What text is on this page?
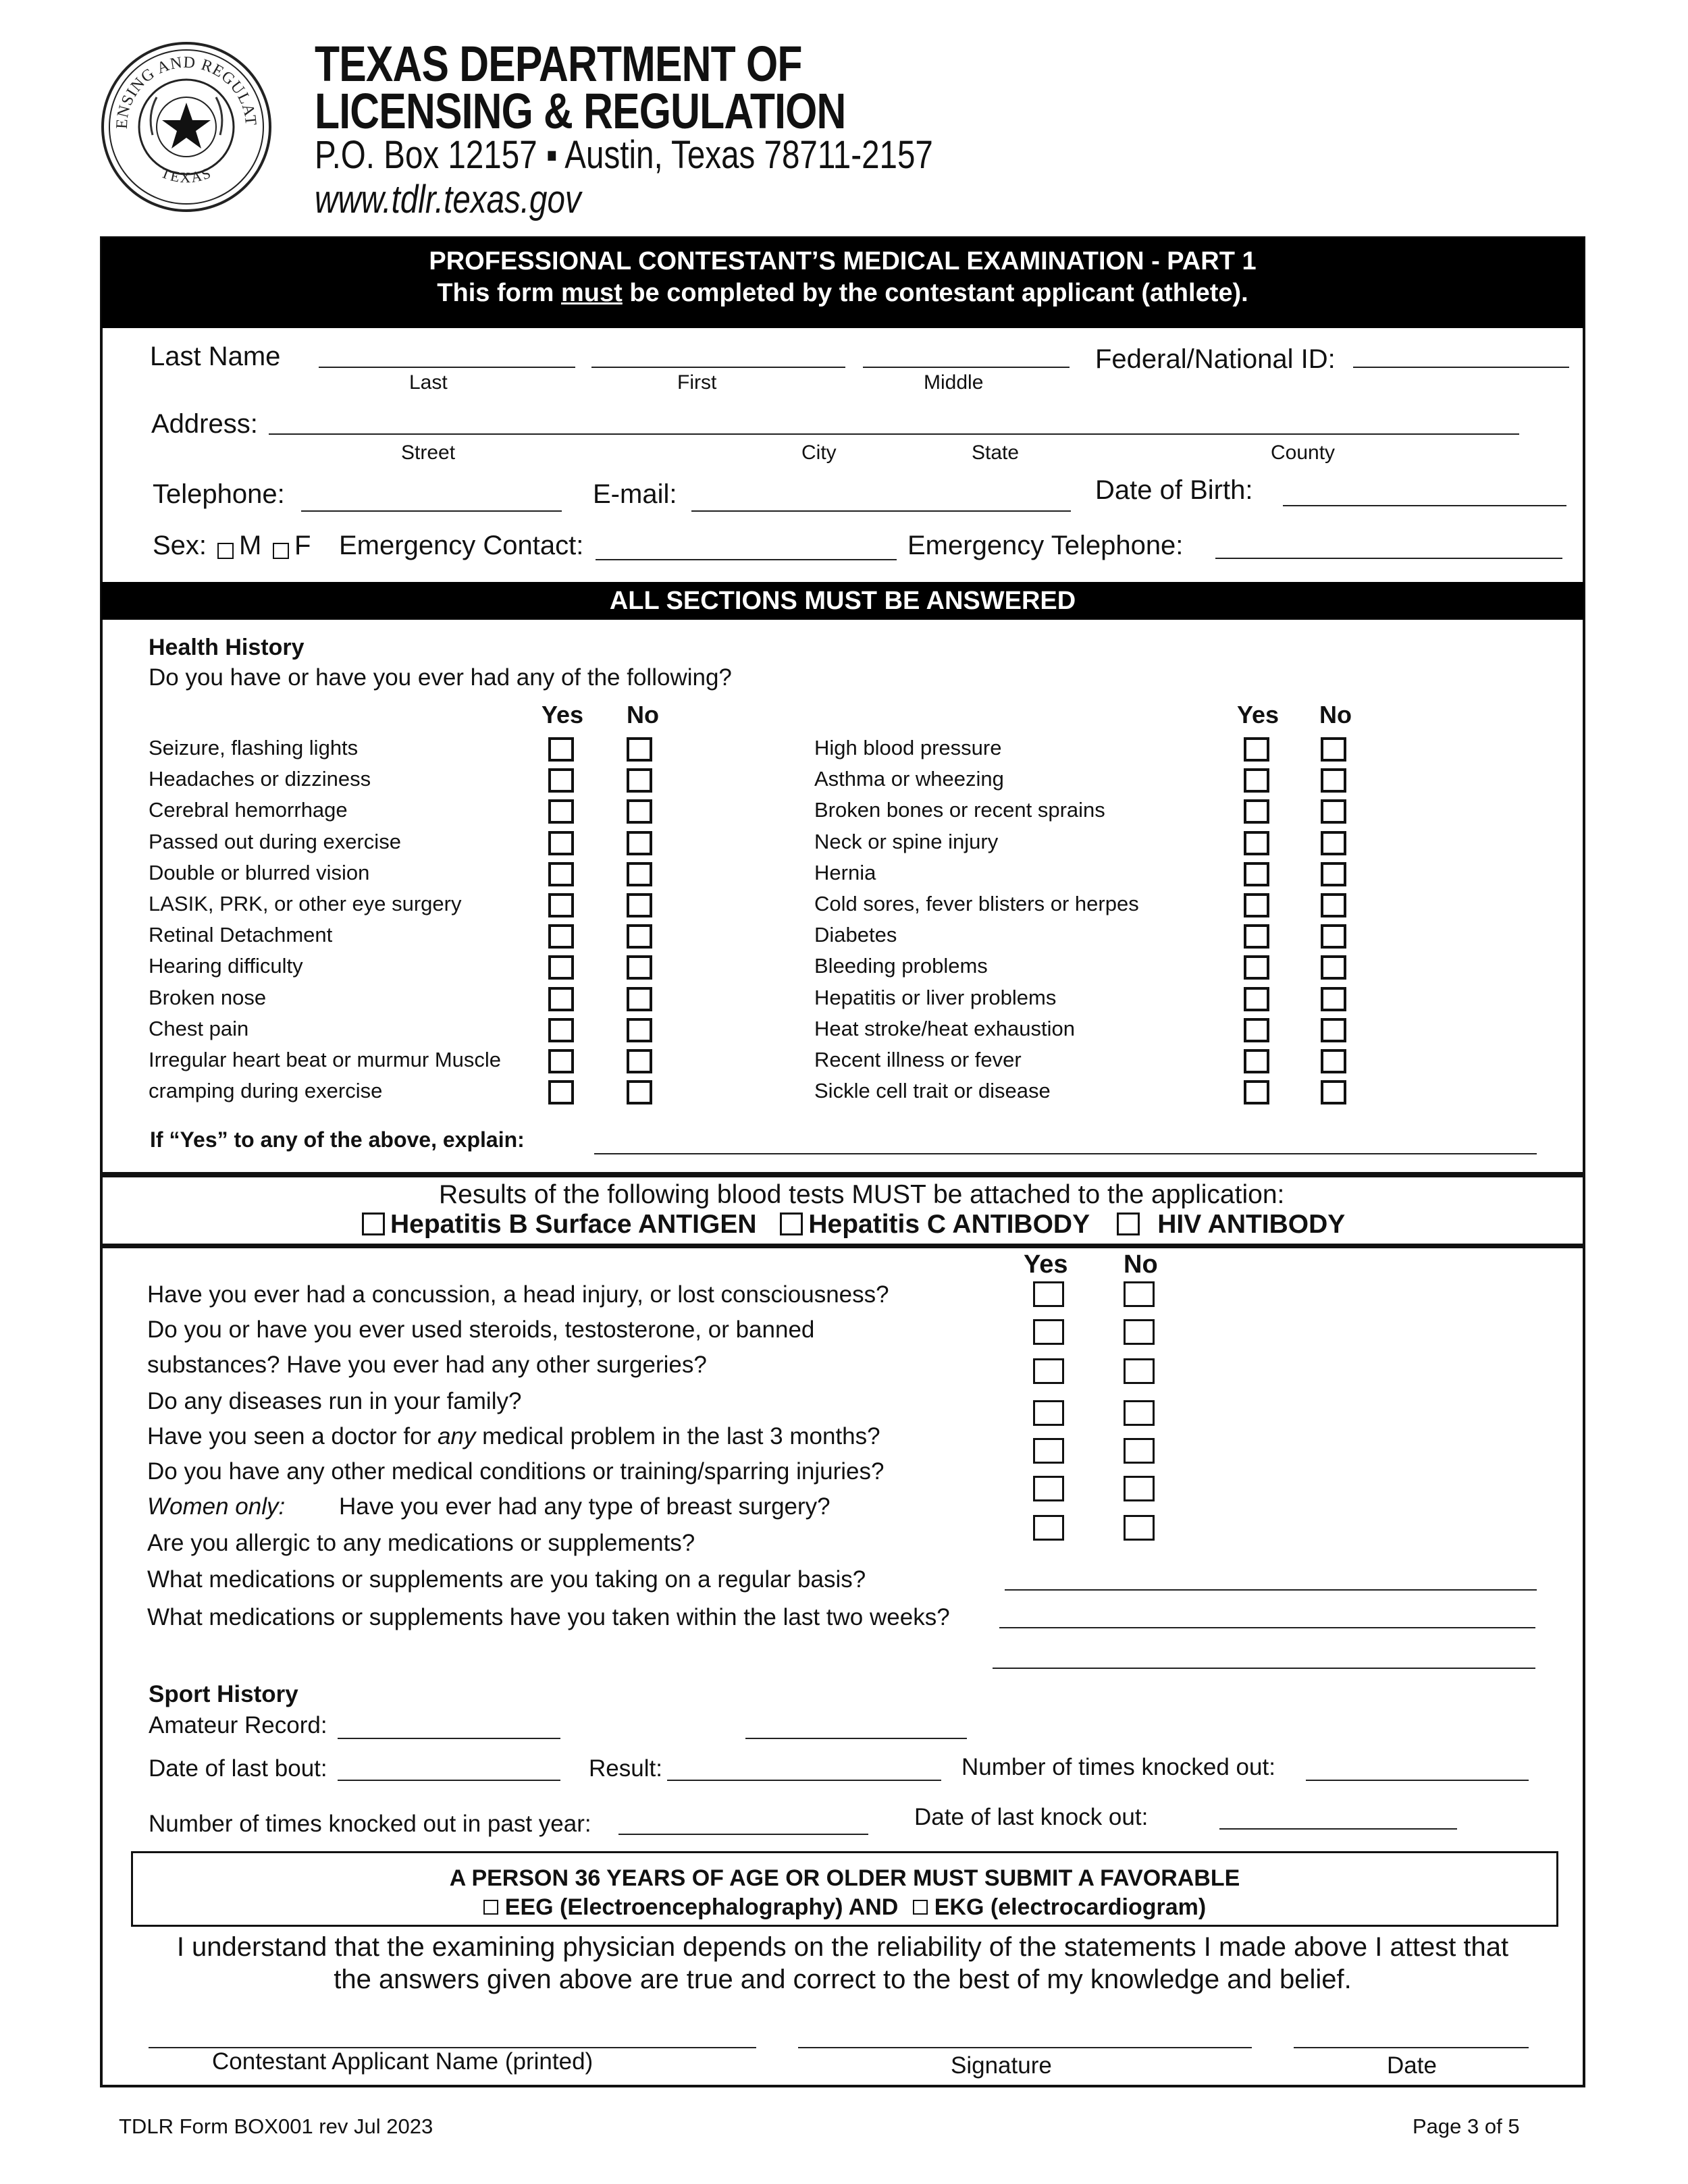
ENSING AND REGULAT
TEXAS
TEXAS DEPARTMENT OF
LICENSING & REGULATION
P.O. Box 12157 ▪ Austin, Texas 78711-2157
www.tdlr.texas.gov
PROFESSIONAL CONTESTANT’S MEDICAL EXAMINATION - PART 1
This form must be completed by the contestant applicant (athlete).
Last Name
Last	First	Middle
Federal/National ID:
Address:
Street	City	State	County
Telephone:	E-mail:	Date of Birth:
Sex: M F Emergency Contact:	Emergency Telephone:
ALL SECTIONS MUST BE ANSWERED
Health History
Do you have or have you ever had any of the following?
Yes No	Yes No
Seizure, flashing lights
Headaches or dizziness
Cerebral hemorrhage
Passed out during exercise
Double or blurred vision
LASIK, PRK, or other eye surgery
Retinal Detachment
Hearing difficulty
Broken nose
Chest pain
Irregular heart beat or murmur Muscle
cramping during exercise
High blood pressure
Asthma or wheezing
Broken bones or recent sprains
Neck or spine injury
Hernia
Cold sores, fever blisters or herpes
Diabetes
Bleeding problems
Hepatitis or liver problems
Heat stroke/heat exhaustion
Recent illness or fever
Sickle cell trait or disease
If “Yes” to any of the above, explain:
Results of the following blood tests MUST be attached to the application:
Hepatitis B Surface ANTIGEN Hepatitis C ANTIBODY	HIV ANTIBODY
Yes No
Have you ever had a concussion, a head injury, or lost consciousness?
Do you or have you ever used steroids, testosterone, or banned
substances? Have you ever had any other surgeries?
Do any diseases run in your family?
Have you seen a doctor for any medical problem in the last 3 months?
Do you have any other medical conditions or training/sparring injuries?
Women only: Have you ever had any type of breast surgery?
Are you allergic to any medications or supplements?
What medications or supplements are you taking on a regular basis?
What medications or supplements have you taken within the last two weeks?
Sport History
Amateur Record:
Date of last bout:	Result:	Number of times knocked out:
Number of times knocked out in past year:	Date of last knock out:
A PERSON 36 YEARS OF AGE OR OLDER MUST SUBMIT A FAVORABLE
EEG (Electroencephalography) AND EKG (electrocardiogram)
I understand that the examining physician depends on the reliability of the statements I made above I attest that
the answers given above are true and correct to the best of my knowledge and belief.
Contestant Applicant Name (printed)	Signature	Date
TDLR Form BOX001 rev Jul 2023	Page 3 of 5
